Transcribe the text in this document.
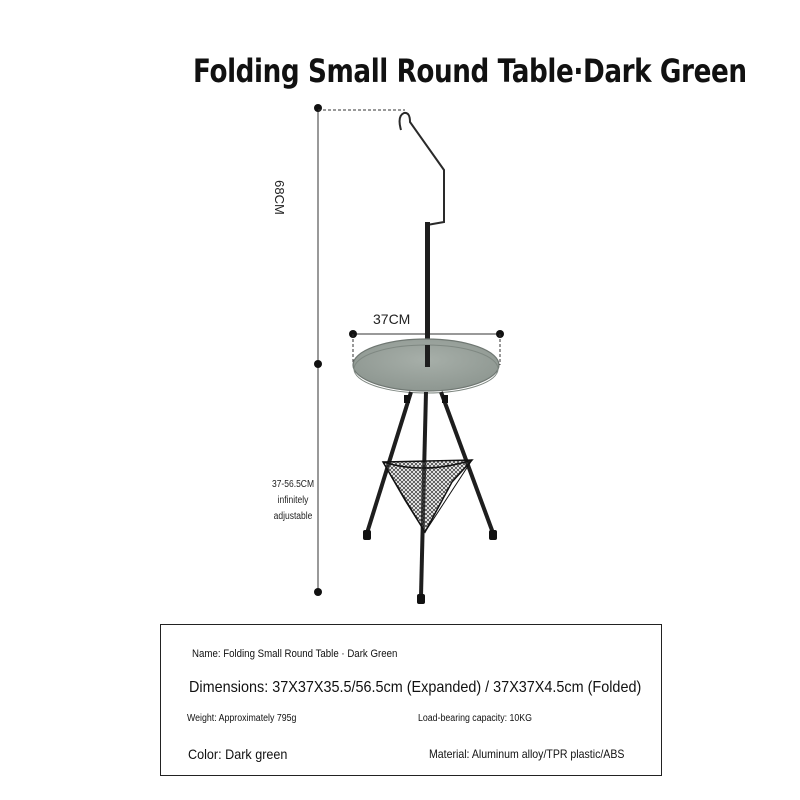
Folding Small Round Table·Dark Green
68CM
37CM
37-56.5CM
infinitely
adjustable
Name: Folding Small Round Table · Dark Green
Dimensions: 37X37X35.5/56.5cm (Expanded) / 37X37X4.5cm (Folded)
Weight: Approximately 795g	Load-bearing capacity: 10KG
Color: Dark green	Material: Aluminum alloy/TPR plastic/ABS
